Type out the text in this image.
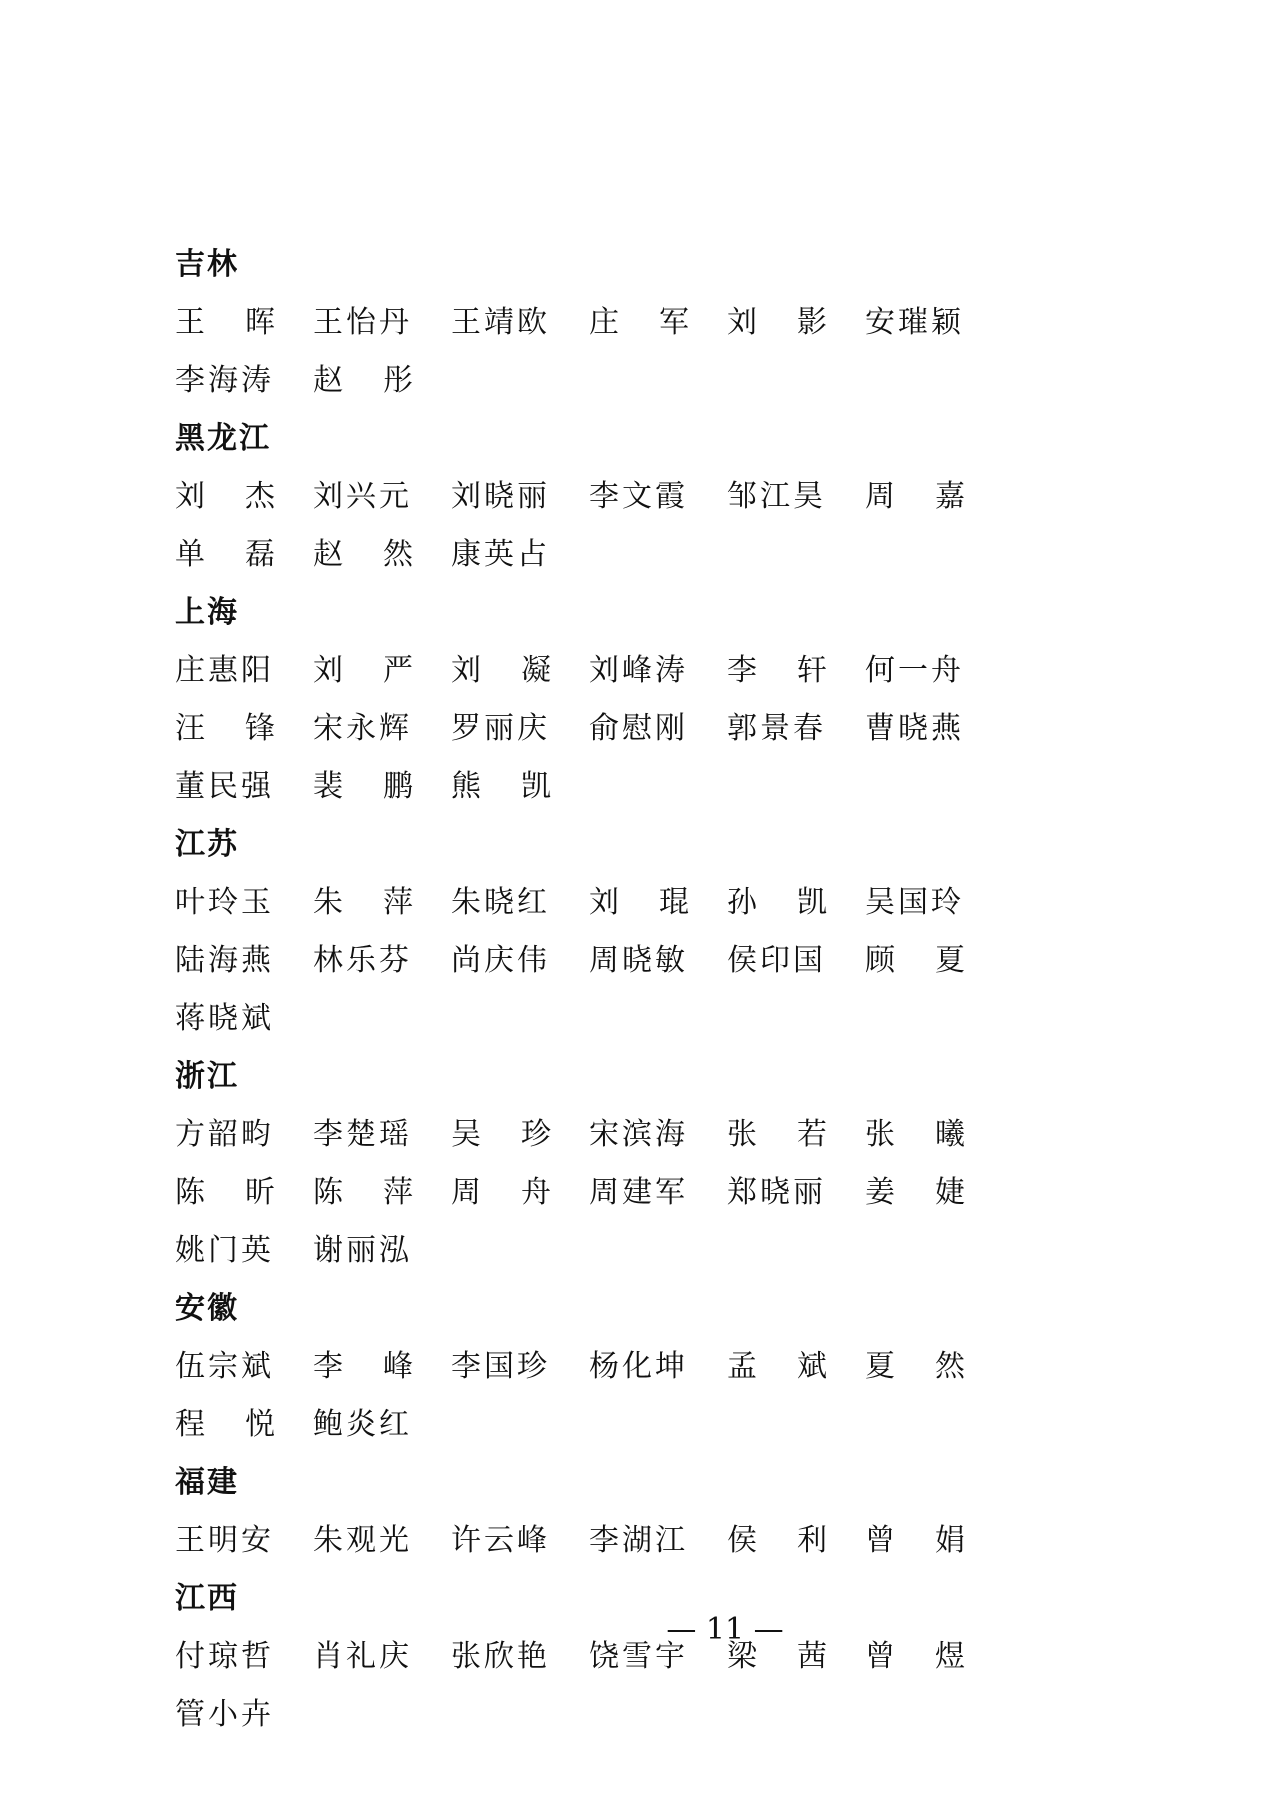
吉林
王 晖 王怡丹	王靖欧	庄 军 刘 影 安璀颖
李海涛	赵 彤
黑龙江
刘 杰 刘兴元	刘晓丽	李文霞	邹江昊	周 嘉
单 磊 赵 然 康英占
上海
庄惠阳	刘 严 刘 凝 刘峰涛	李 轩 何一舟
汪 锋 宋永辉	罗丽庆	俞慰刚	郭景春	曹晓燕
董民强	裴 鹏 熊 凯
江苏
叶玲玉	朱 萍 朱晓红	刘 琨 孙 凯 吴国玲
陆海燕	林乐芬	尚庆伟	周晓敏	侯印国	顾 夏
蒋晓斌
浙江
方韶畇	李楚瑶	吴 珍 宋滨海	张 若 张 曦
陈 昕 陈 萍 周 舟 周建军	郑晓丽	姜 婕
姚门英	谢丽泓
安徽
伍宗斌	李 峰 李国珍	杨化坤	孟 斌 夏 然
程 悦 鲍炎红
福建
王明安	朱观光	许云峰	李湖江	侯 利 曾 娟
江西
付琼哲	肖礼庆	张欣艳	饶雪宇	梁 茜 曾 煜
管小卉
— 11 —
